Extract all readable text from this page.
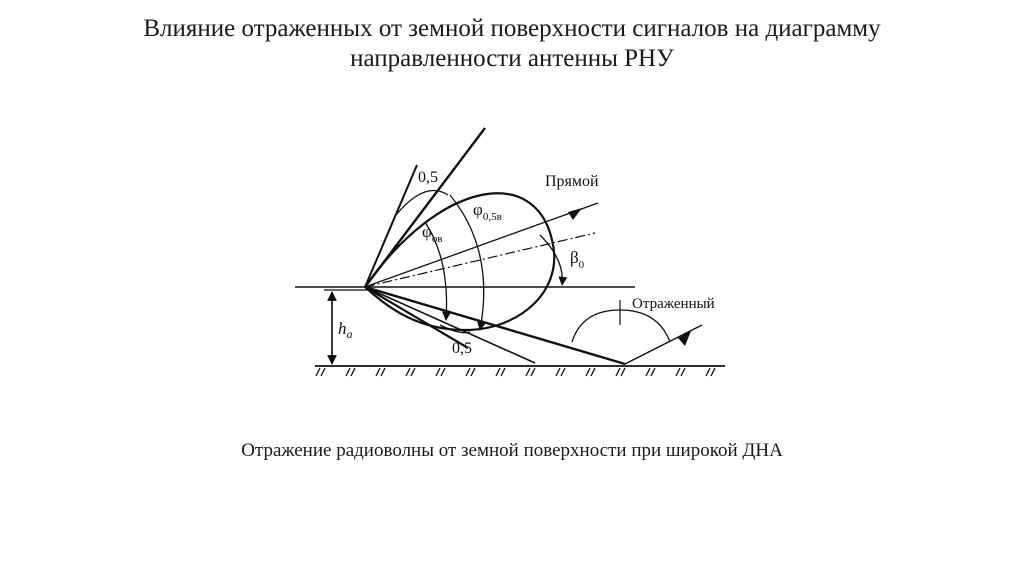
Влияние отраженных от земной поверхности сигналов на диаграмму
направленности антенны РНУ
$h_a$
0,5
$\varphi_{ов}$
$\varphi_{0,5в}$
Прямой
$\beta_0$
Отраженный
0,5
Отражение радиоволны от земной поверхности при широкой ДНА
